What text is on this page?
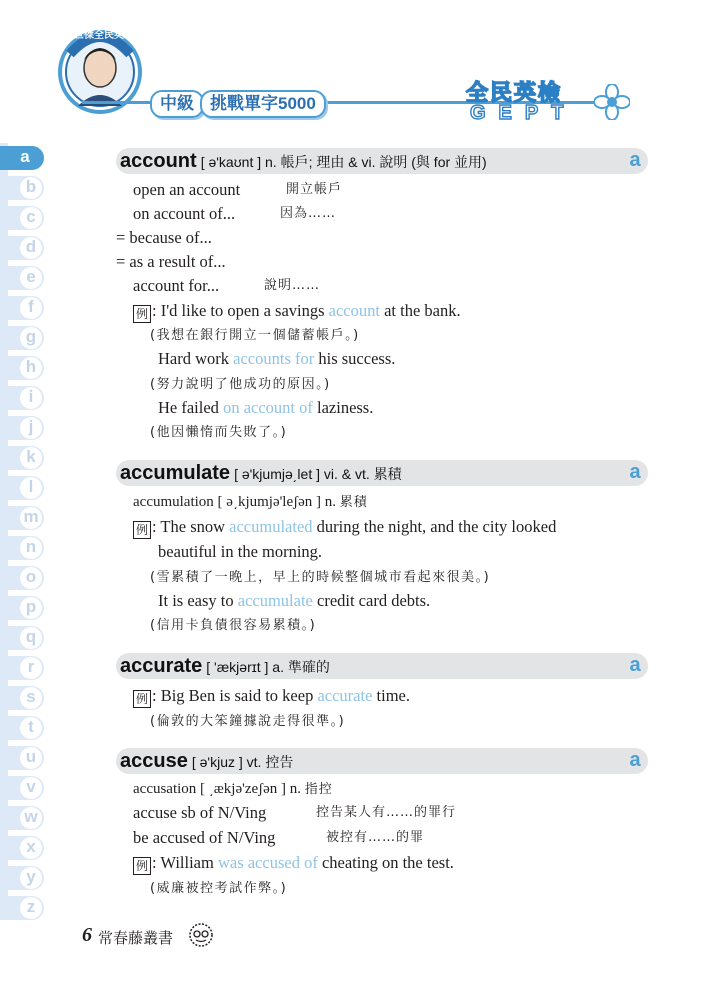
揚世傑全民英檢
中級 挑戰單字5000	全民英檢
GEPT
a
b
c
d
e
f
g
h
i
j
k
l
m
n
o
p
q
r
s
t
u
v
w
x
y
z
account [ ə'kaʊnt ] n. 帳戶; 理由 & vi. 說明 (與 for 並用)	a
open an account	開立帳戶
on account of...	因為……
= because of...
= as a result of...
account for...	說明……
例 : I'd like to open a savings account at the bank.
(我想在銀行開立一個儲蓄帳戶。)
Hard work accounts for his success.
(努力說明了他成功的原因。)
He failed on account of laziness.
(他因懶惰而失敗了。)
accumulate [ ə'kjumjə͵let ] vi. & vt. 累積	a
accumulation [ ə͵kjumjə'leʃən ] n. 累積
例 : The snow accumulated during the night, and the city looked
beautiful in the morning.
(雪累積了一晚上，早上的時候整個城市看起來很美。)
It is easy to accumulate credit card debts.
(信用卡負債很容易累積。)
accurate [ 'ækjərɪt ] a. 準確的	a
例 : Big Ben is said to keep accurate time.
(倫敦的大笨鐘據說走得很準。)
accuse [ ə'kjuz ] vt. 控告	a
accusation [ ͵ækjə'zeʃən ] n. 指控
accuse sb of N/Ving	控告某人有……的罪行
be accused of N/Ving	被控有……的罪
例 : William was accused of cheating on the test.
(威廉被控考試作弊。)
6 常春藤叢書
